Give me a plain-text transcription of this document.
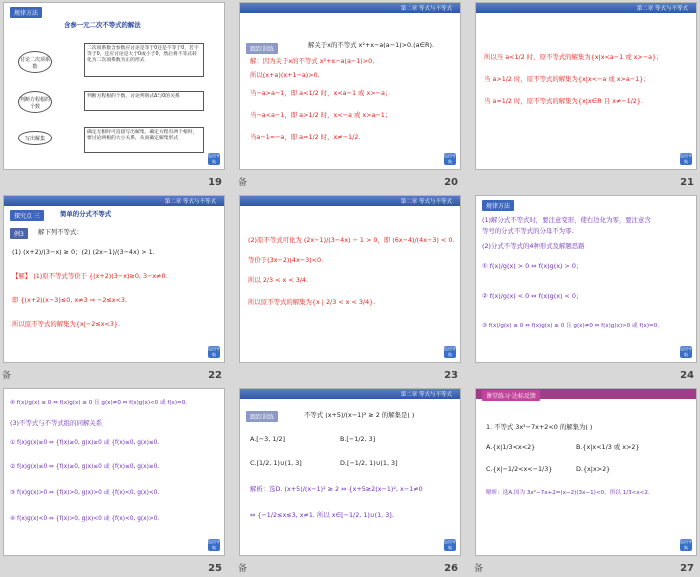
规律方法
含参一元二次不等式的解法
讨论二次项系数
判断方程根的个数
写出解集
二次项系数含参数应讨论是等于0还是不等于0，若不等于0，还应讨论是大于0或小于0，然后将不等式转化为二次项系数为正的形式
判断方程根的个数，讨论判别式Δ与0的关系
确定无根时可直接写出解集，确定方程有两个根时，要讨论两根的大小关系，从而确定解集形式
返回导航
19
第二章 等式与不等式
跟踪训练
解关于x的不等式 x²+x−a(a−1)>0.(a∈R).
解：因为关于x的不等式 x²+x−a(a−1)>0,
所以(x+a)(x+1−a)>0.
当−a>a−1，即 a<1/2 时，x<a−1 或 x>−a；
当−a<a−1，即 a>1/2 时，x<−a 或 x>a−1；
当a−1=−a，即 a=1/2 时，x≠−1/2.
返回导航
备	20
第二章 等式与不等式
所以当 a<1/2 时，原不等式的解集为{x|x<a−1 或 x>−a}；
当 a>1/2 时，原不等式的解集为{x|x<−a 或 x>a−1}；
当 a=1/2 时，原不等式的解集为{x|x∈R 且 x≠−1/2}.
返回导航
21
第二章 等式与不等式
探究点 三	简单的分式不等式
例3	解下列不等式：
(1) (x+2)/(3−x) ≥ 0；(2) (2x−1)/(3−4x) > 1.
【解】 (1)原不等式等价于 {(x+2)(3−x)≥0, 3−x≠0.
即 {(x+2)(x−3)≤0, x≠3 ⇒ −2≤x<3.
所以原不等式的解集为{x|−2≤x<3}.
返回导航
备	22
第二章 等式与不等式
(2)原不等式可化为 (2x−1)/(3−4x) − 1 > 0，即 (6x−4)/(4x−3) < 0.
等价于(3x−2)(4x−3)<0.
所以 2/3 < x < 3/4.
所以原不等式的解集为{x | 2/3 < x < 3/4}.
返回导航
23
规律方法
(1)解分式不等式时，要注意变形，使右边化为零，要注意含
等号的分式不等式的分母不为零.
(2)分式不等式的4种形式及解题思路
① f(x)/g(x) > 0 ⇔ f(x)g(x) > 0；
② f(x)/g(x) < 0 ⇔ f(x)g(x) < 0；
③ f(x)/g(x) ≥ 0 ⇔ f(x)g(x) ≥ 0 且 g(x)≠0 ⇔ f(x)g(x)>0 或 f(x)=0.
返回导航
24
④ f(x)/g(x) ≤ 0 ⇔ f(x)g(x) ≤ 0 且 g(x)≠0 ⇔ f(x)g(x)<0 或 f(x)=0.
(3)不等式与不等式组的同解关系
① f(x)g(x)≥0 ⇔ {f(x)≥0, g(x)≥0 或 {f(x)≤0, g(x)≤0.
② f(x)g(x)≤0 ⇔ {f(x)≥0, g(x)≤0 或 {f(x)≤0, g(x)≥0.
③ f(x)g(x)>0 ⇔ {f(x)>0, g(x)>0 或 {f(x)<0, g(x)<0.
④ f(x)g(x)<0 ⇔ {f(x)>0, g(x)<0 或 {f(x)<0, g(x)>0.
返回导航
25
第二章 等式与不等式
跟踪训练	不等式 (x+5)/(x−1)² ≥ 2 的解集是( )
A.[−3, 1/2]	B.[−1/2, 3]
C.[1/2, 1)∪(1, 3]	D.[−1/2, 1)∪(1, 3]
解析：选D. (x+5)/(x−1)² ≥ 2 ⇔ {x+5≥2(x−1)², x−1≠0
⇔ {−1/2≤x≤3, x≠1. 所以 x∈[−1/2, 1)∪(1, 3].
返回导航
备	26
课堂练习·达标反馈
1. 不等式 3x²−7x+2<0 的解集为( )
A.{x|1/3<x<2}	B.{x|x<1/3 或 x>2}
C.{x|−1/2<x<−1/3}	D.{x|x>2}
解析：选A.因为 3x²−7x+2=(x−2)(3x−1)<0，所以 1/3<x<2.
返回导航
备	27
